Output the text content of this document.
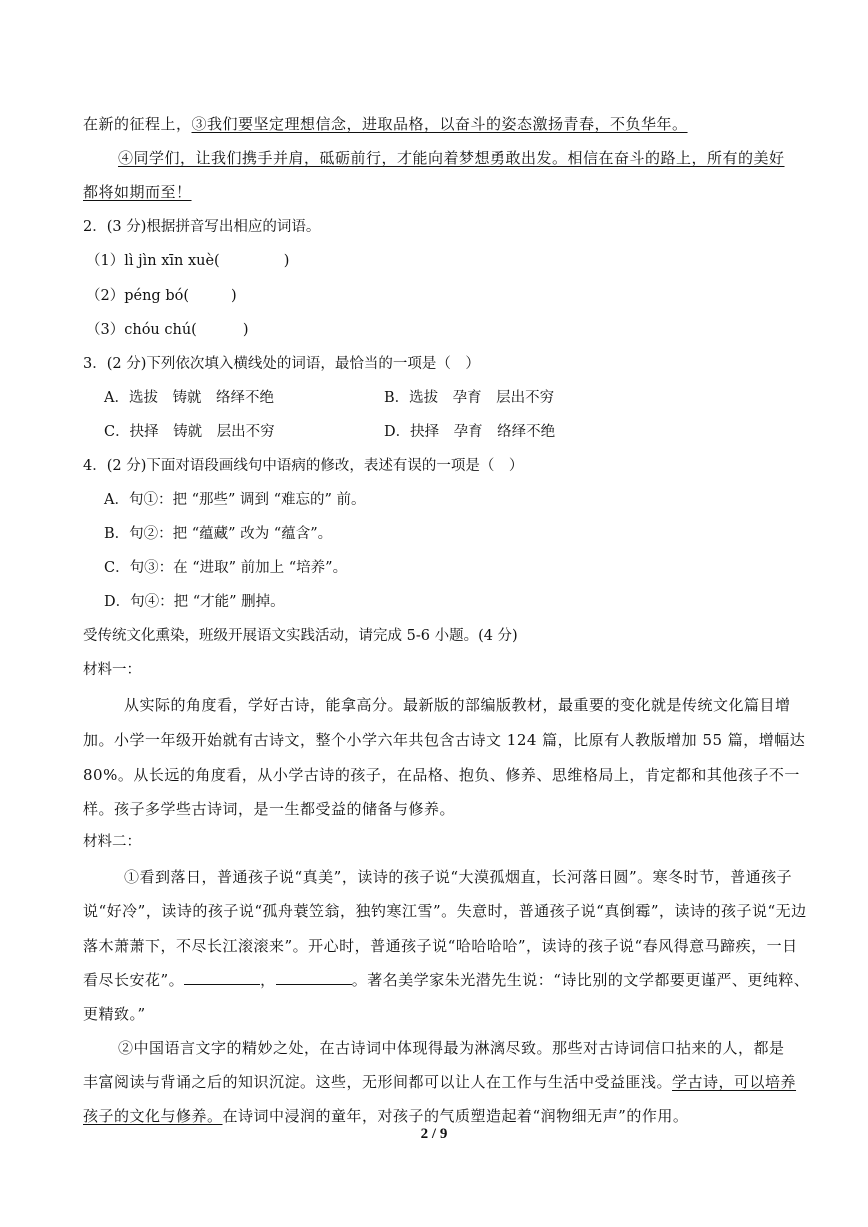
在新的征程上，③我们要坚定理想信念，进取品格，以奋斗的姿态激扬青春，不负华年。
④同学们，让我们携手并肩，砥砺前行，才能向着梦想勇敢出发。相信在奋斗的路上，所有的美好
都将如期而至！
2．(3 分)根据拼音写出相应的词语。
（1）lì jìn xīn xuè(	)
（2）péng bó(	)
（3）chóu chú(	)
3．(2 分)下列依次填入横线处的词语，最恰当的一项是（　）
A．选拔　铸就　络绎不绝	B．选拔　孕育　层出不穷
C．抉择　铸就　层出不穷	D．抉择　孕育　络绎不绝
4．(2 分)下面对语段画线句中语病的修改，表述有误的一项是（　）
A．句①：把 “那些” 调到 “难忘的” 前。
B．句②：把 “蕴藏” 改为 “蕴含”。
C．句③：在 “进取” 前加上 “培养”。
D．句④：把 “才能” 删掉。
受传统文化熏染，班级开展语文实践活动，请完成 5-6 小题。(4 分)
材料一：
从实际的角度看，学好古诗，能拿高分。最新版的部编版教材，最重要的变化就是传统文化篇目增
加。小学一年级开始就有古诗文，整个小学六年共包含古诗文 124 篇，比原有人教版增加 55 篇，增幅达
80%。从长远的角度看，从小学古诗的孩子，在品格、抱负、修养、思维格局上，肯定都和其他孩子不一
样。孩子多学些古诗词，是一生都受益的储备与修养。
材料二：
①看到落日，普通孩子说“真美”，读诗的孩子说“大漠孤烟直，长河落日圆”。寒冬时节，普通孩子
说“好冷”，读诗的孩子说“孤舟蓑笠翁，独钓寒江雪”。失意时，普通孩子说“真倒霉”，读诗的孩子说“无边
落木萧萧下，不尽长江滚滚来”。开心时，普通孩子说“哈哈哈哈”，读诗的孩子说“春风得意马蹄疾，一日
看尽长安花”。	，	。著名美学家朱光潜先生说：“诗比别的文学都要更谨严、更纯粹、
更精致。”
②中国语言文字的精妙之处，在古诗词中体现得最为淋漓尽致。那些对古诗词信口拈来的人，都是
丰富阅读与背诵之后的知识沉淀。这些，无形间都可以让人在工作与生活中受益匪浅。学古诗，可以培养
孩子的文化与修养。在诗词中浸润的童年，对孩子的气质塑造起着“润物细无声”的作用。
2 / 9
